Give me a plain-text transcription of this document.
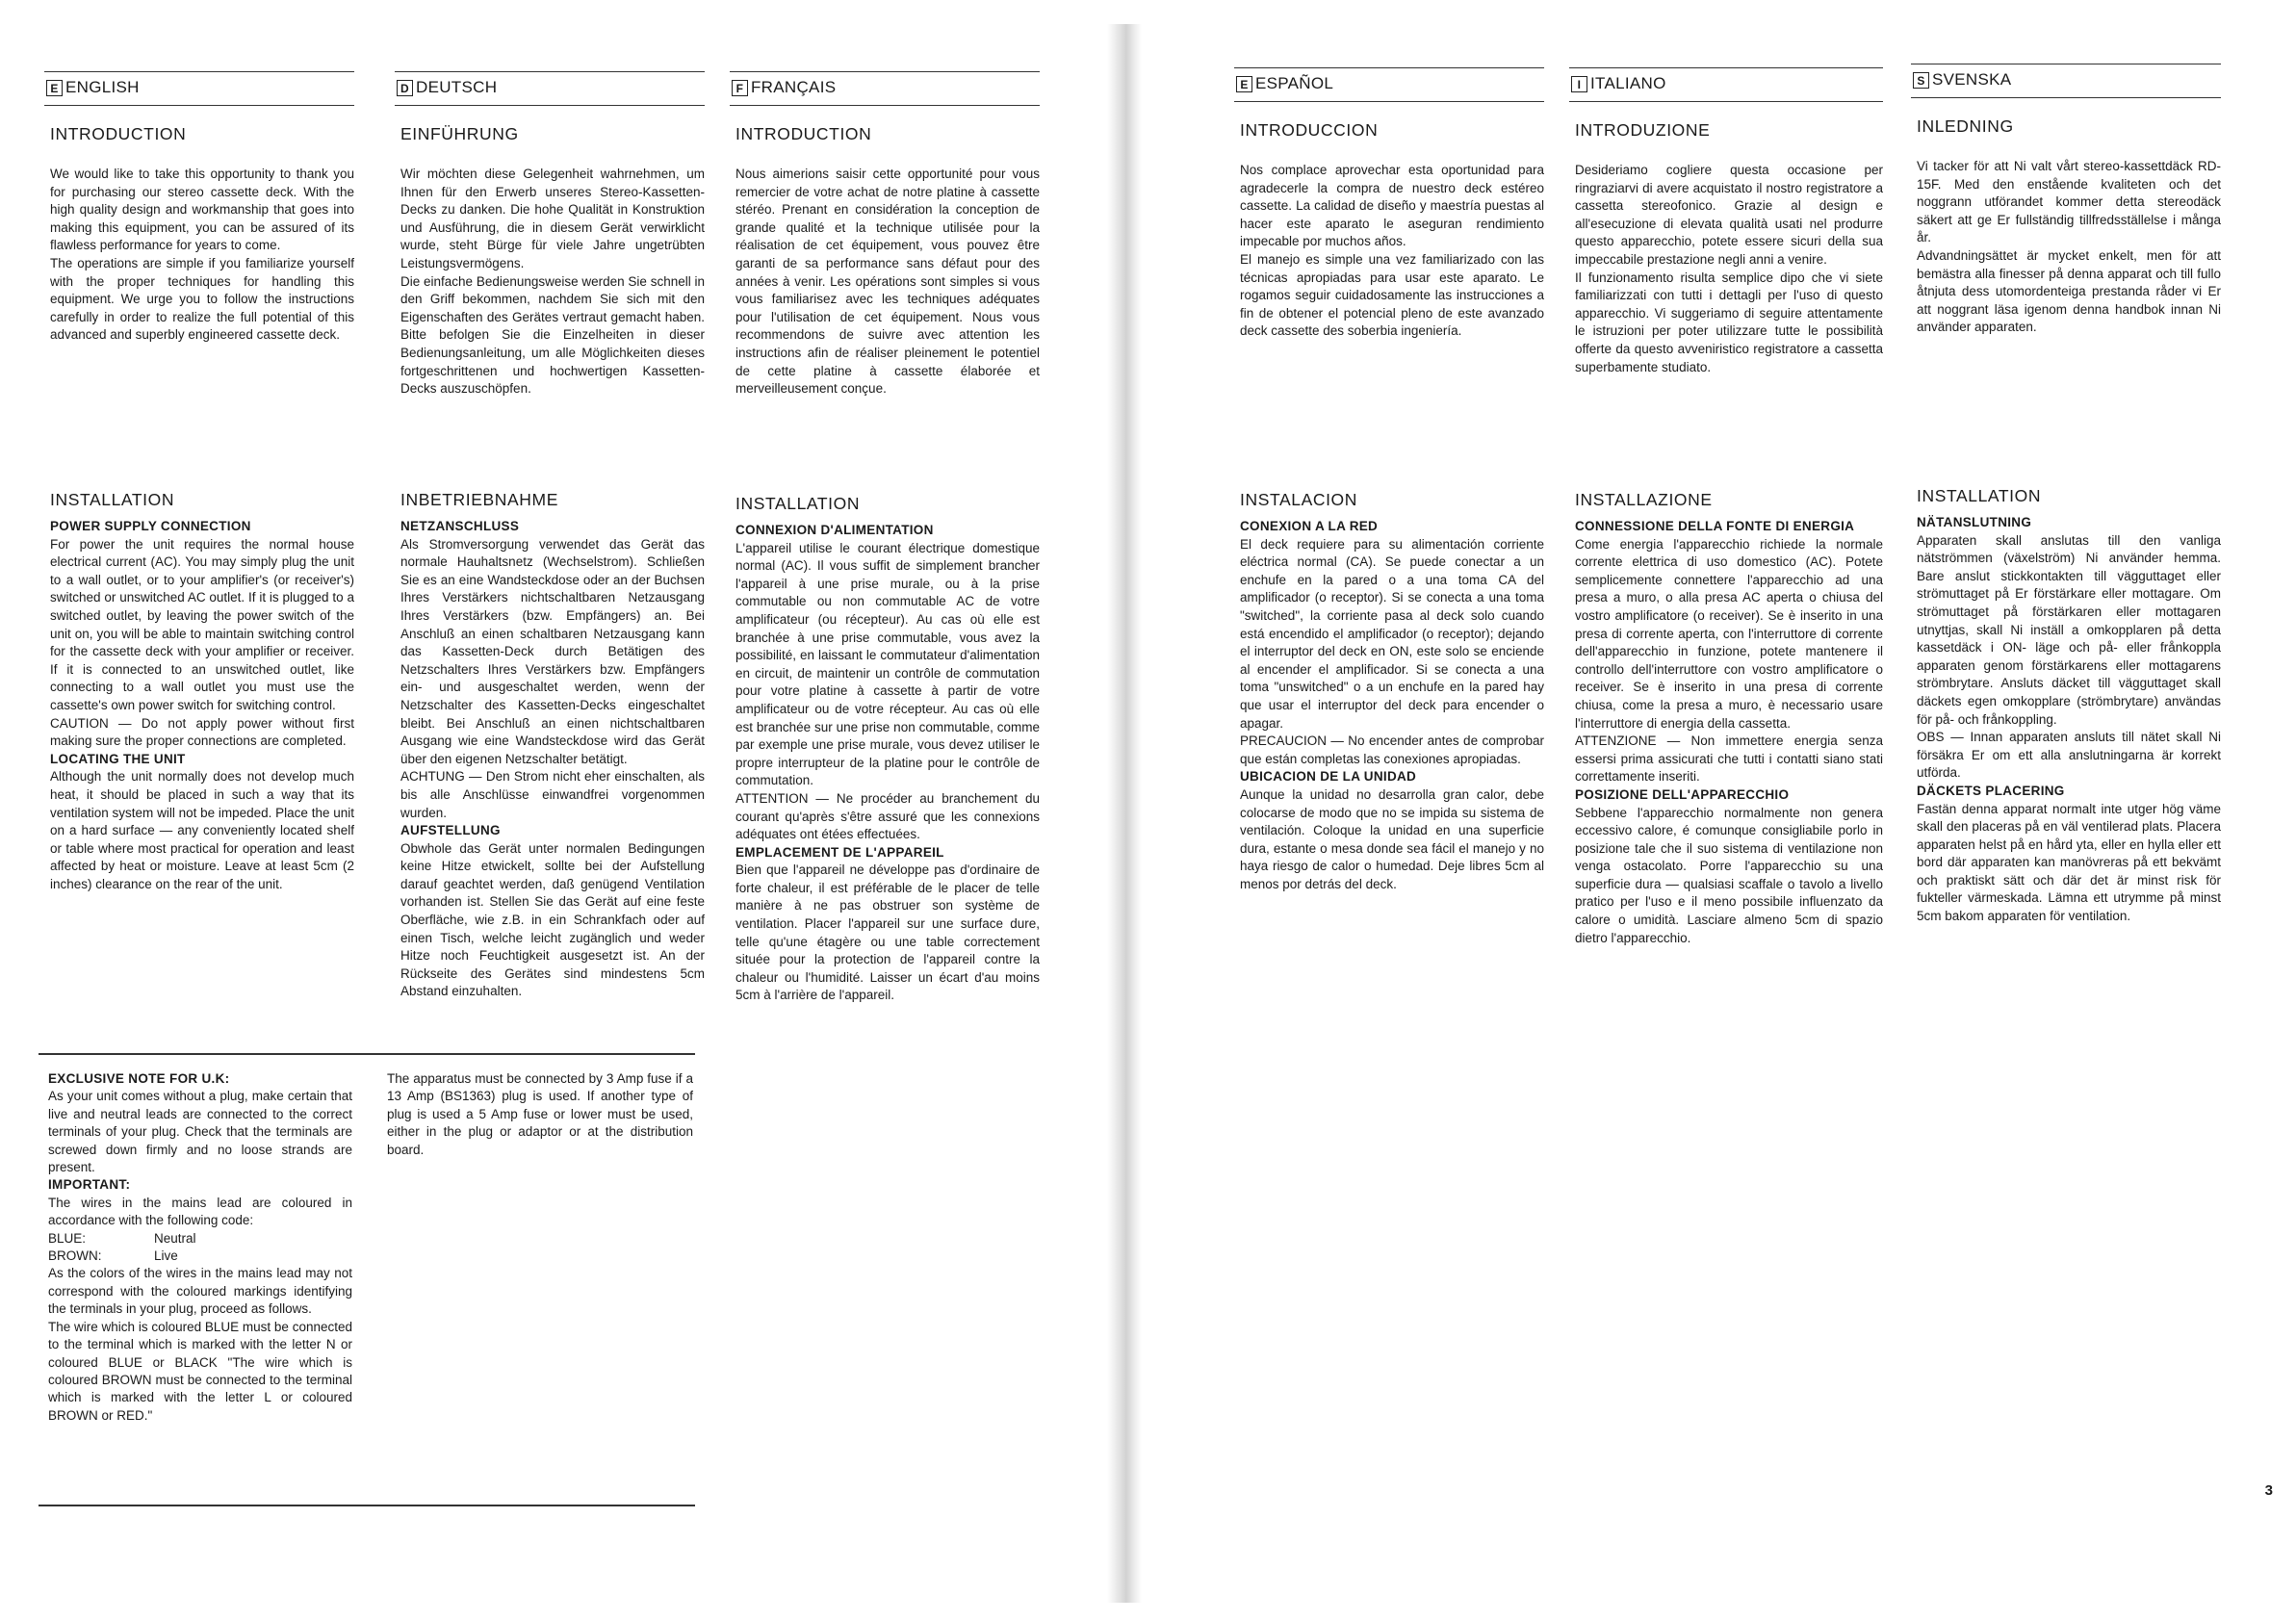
E ENGLISH
INTRODUCTION

We would like to take this opportunity to thank you for purchasing our stereo cassette deck. With the high quality design and workmanship that goes into making this equipment, you can be assured of its flawless performance for years to come.
The operations are simple if you familiarize yourself with the proper techniques for handling this equipment. We urge you to follow the instructions carefully in order to realize the full potential of this advanced and superbly engineered cassette deck.

INSTALLATION
POWER SUPPLY CONNECTION

For power the unit requires the normal house electrical current (AC). You may simply plug the unit to a wall outlet, or to your amplifier's (or receiver's) switched or unswitched AC outlet. If it is plugged to a switched outlet, by leaving the power switch of the unit on, you will be able to maintain switching control for the cassette deck with your amplifier or receiver. If it is connected to an unswitched outlet, like connecting to a wall outlet you must use the cassette's own power switch for switching control.
CAUTION — Do not apply power without first making sure the proper connections are completed.

LOCATING THE UNIT

Although the unit normally does not develop much heat, it should be placed in such a way that its ventilation system will not be impeded. Place the unit on a hard surface — any conveniently located shelf or table where most practical for operation and least affected by heat or moisture. Leave at least 5cm (2 inches) clearance on the rear of the unit.

D DEUTSCH
EINFÜHRUNG

Wir möchten diese Gelegenheit wahrnehmen, um Ihnen für den Erwerb unseres Stereo-Kassetten-Decks zu danken. Die hohe Qualität in Konstruktion und Ausführung, die in diesem Gerät verwirklicht wurde, steht Bürge für viele Jahre ungetrübten Leistungsvermögens.
Die einfache Bedienungsweise werden Sie schnell in den Griff bekommen, nachdem Sie sich mit den Eigenschaften des Gerätes vertraut gemacht haben. Bitte befolgen Sie die Einzelheiten in dieser Bedienungsanleitung, um alle Möglichkeiten dieses fortgeschrittenen und hochwertigen Kassetten-Decks auszuschöpfen.

INBETRIEBNAHME
NETZANSCHLUSS

Als Stromversorgung verwendet das Gerät das normale Hauhaltsnetz (Wechselstrom). Schließen Sie es an eine Wandsteckdose oder an der Buchsen Ihres Verstärkers nichtschaltbaren Netzausgang Ihres Verstärkers (bzw. Empfängers) an. Bei Anschluß an einen schaltbaren Netzausgang kann das Kassetten-Deck durch Betätigen des Netzschalters Ihres Verstärkers bzw. Empfängers ein- und ausgeschaltet werden, wenn der Netzschalter des Kassetten-Decks eingeschaltet bleibt. Bei Anschluß an einen nichtschaltbaren Ausgang wie eine Wandsteckdose wird das Gerät über den eigenen Netzschalter betätigt.
ACHTUNG — Den Strom nicht eher einschalten, als bis alle Anschlüsse einwandfrei vorgenommen wurden.

AUFSTELLUNG

Obwhole das Gerät unter normalen Bedingungen keine Hitze etwickelt, sollte bei der Aufstellung darauf geachtet werden, daß genügend Ventilation vorhanden ist. Stellen Sie das Gerät auf eine feste Oberfläche, wie z.B. in ein Schrankfach oder auf einen Tisch, welche leicht zugänglich und weder Hitze noch Feuchtigkeit ausgesetzt ist. An der Rückseite des Gerätes sind mindestens 5cm Abstand einzuhalten.

F FRANÇAIS
INTRODUCTION

Nous aimerions saisir cette opportunité pour vous remercier de votre achat de notre platine à cassette stéréo. Prenant en considération la conception de grande qualité et la technique utilisée pour la réalisation de cet équipement, vous pouvez être garanti de sa performance sans défaut pour des années à venir. Les opérations sont simples si vous vous familiarisez avec les techniques adéquates pour l'utilisation de cet équipement. Nous vous recommendons de suivre avec attention les instructions afin de réaliser pleinement le potentiel de cette platine à cassette élaborée et merveilleusement conçue.

INSTALLATION
CONNEXION D'ALIMENTATION

L'appareil utilise le courant électrique domestique normal (AC). Il vous suffit de simplement brancher l'appareil à une prise murale, ou à la prise commutable ou non commutable AC de votre amplificateur (ou récepteur). Au cas où elle est branchée à une prise commutable, vous avez la possibilité, en laissant le commutateur d'alimentation en circuit, de maintenir un contrôle de commutation pour votre platine à cassette à partir de votre amplificateur ou de votre récepteur. Au cas où elle est branchée sur une prise non commutable, comme par exemple une prise murale, vous devez utiliser le propre interrupteur de la platine pour le contrôle de commutation.
ATTENTION — Ne procéder au branchement du courant qu'après s'être assuré que les connexions adéquates ont étées effectuées.

EMPLACEMENT DE L'APPAREIL

Bien que l'appareil ne développe pas d'ordinaire de forte chaleur, il est préférable de le placer de telle manière à ne pas obstruer son système de ventilation. Placer l'appareil sur une surface dure, telle qu'une étagère ou une table correctement située pour la protection de l'appareil contre la chaleur ou l'humidité. Laisser un écart d'au moins 5cm à l'arrière de l'appareil.

E ESPAÑOL
INTRODUCCION

Nos complace aprovechar esta oportunidad para agradecerle la compra de nuestro deck estéreo cassette. La calidad de diseño y maestría puestas al hacer este aparato le aseguran rendimiento impecable por muchos años.
El manejo es simple una vez familiarizado con las técnicas apropiadas para usar este aparato. Le rogamos seguir cuidadosamente las instrucciones a fin de obtener el potencial pleno de este avanzado deck cassette des soberbia ingeniería.

INSTALACION
CONEXION A LA RED

El deck requiere para su alimentación corriente eléctrica normal (CA). Se puede conectar a un enchufe en la pared o a una toma CA del amplificador (o receptor). Si se conecta a una toma "switched", la corriente pasa al deck solo cuando está encendido el amplificador (o receptor); dejando el interruptor del deck en ON, este solo se enciende al encender el amplificador. Si se conecta a una toma "unswitched" o a un enchufe en la pared hay que usar el interruptor del deck para encender o apagar.
PRECAUCION — No encender antes de comprobar que están completas las conexiones apropiadas.

UBICACION DE LA UNIDAD

Aunque la unidad no desarrolla gran calor, debe colocarse de modo que no se impida su sistema de ventilación. Coloque la unidad en una superficie dura, estante o mesa donde sea fácil el manejo y no haya riesgo de calor o humedad. Deje libres 5cm al menos por detrás del deck.

I ITALIANO
INTRODUZIONE

Desideriamo cogliere questa occasione per ringraziarvi di avere acquistato il nostro registratore a cassetta stereofonico. Grazie al design e all'esecuzione di elevata qualità usati nel produrre questo apparecchio, potete essere sicuri della sua impeccabile prestazione negli anni a venire.
Il funzionamento risulta semplice dipo che vi siete familiarizzati con tutti i dettagli per l'uso di questo apparecchio. Vi suggeriamo di seguire attentamente le istruzioni per poter utilizzare tutte le possibilità offerte da questo avveniristico registratore a cassetta superbamente studiato.

INSTALLAZIONE
CONNESSIONE DELLA FONTE DI ENERGIA

Come energia l'apparecchio richiede la normale corrente elettrica di uso domestico (AC). Potete semplicemente connettere l'apparecchio ad una presa a muro, o alla presa AC aperta o chiusa del vostro amplificatore (o receiver). Se è inserito in una presa di corrente aperta, con l'interruttore di corrente dell'apparecchio in funzione, potete mantenere il controllo dell'interruttore con vostro amplificatore o receiver. Se è inserito in una presa di corrente chiusa, come la presa a muro, è necessario usare l'interruttore di energia della cassetta.
ATTENZIONE — Non immettere energia senza essersi prima assicurati che tutti i contatti siano stati correttamente inseriti.

POSIZIONE DELL'APPARECCHIO

Sebbene l'apparecchio normalmente non genera eccessivo calore, é comunque consigliabile porlo in posizione tale che il suo sistema di ventilazione non venga ostacolato. Porre l'apparecchio su una superficie dura — qualsiasi scaffale o tavolo a livello pratico per l'uso e il meno possibile influenzato da calore o umidità. Lasciare almeno 5cm di spazio dietro l'apparecchio.

S SVENSKA
INLEDNING

Vi tacker för att Ni valt vårt stereo-kassettdäck RD-15F. Med den enstående kvaliteten och det noggrann utförandet kommer detta stereodäck säkert att ge Er fullständig tillfredsställelse i många år.
Advandningsättet är mycket enkelt, men för att bemästra alla finesser på denna apparat och till fullo åtnjuta dess utomordenteiga prestanda råder vi Er att noggrant läsa igenom denna handbok innan Ni använder apparaten.

INSTALLATION
NÄTANSLUTNING

Apparaten skall anslutas till den vanliga nätströmmen (växelström) Ni använder hemma. Bare anslut stickkontakten till vägguttaget eller strömuttaget på Er förstärkare eller mottagare. Om strömuttaget på förstärkaren eller mottagaren utnyttjas, skall Ni inställ a omkopplaren på detta kassetdäck i ON- läge och på- eller frånkoppla apparaten genom förstärkarens eller mottagarens strömbrytare. Ansluts däcket till vägguttaget skall däckets egen omkopplare (strömbrytare) användas för på- och frånkoppling.
OBS — Innan apparaten ansluts till nätet skall Ni försäkra Er om ett alla anslutningarna är korrekt utförda.

DÄCKETS PLACERING

Fastän denna apparat normalt inte utger hög väme skall den placeras på en väl ventilerad plats. Placera apparaten helst på en hård yta, eller en hylla eller ett bord där apparaten kan manövreras på ett bekvämt och praktiskt sätt och där det är minst risk för fukteller värmeskada. Lämna ett utrymme på minst 5cm bakom apparaten för ventilation.

EXCLUSIVE NOTE FOR U.K:

As your unit comes without a plug, make certain that live and neutral leads are connected to the correct terminals of your plug. Check that the terminals are screwed down firmly and no loose strands are present.

IMPORTANT:

The wires in the mains lead are coloured in accordance with the following code:

BLUE:	Neutral
BROWN:	Live

As the colors of the wires in the mains lead may not correspond with the coloured markings identifying the terminals in your plug, proceed as follows.
The wire which is coloured BLUE must be connected to the terminal which is marked with the letter N or coloured BLUE or BLACK "The wire which is coloured BROWN must be connected to the terminal which is marked with the letter L or coloured BROWN or RED."

The apparatus must be connected by 3 Amp fuse if a 13 Amp (BS1363) plug is used. If another type of plug is used a 5 Amp fuse or lower must be used, either in the plug or adaptor or at the distribution board.

3
